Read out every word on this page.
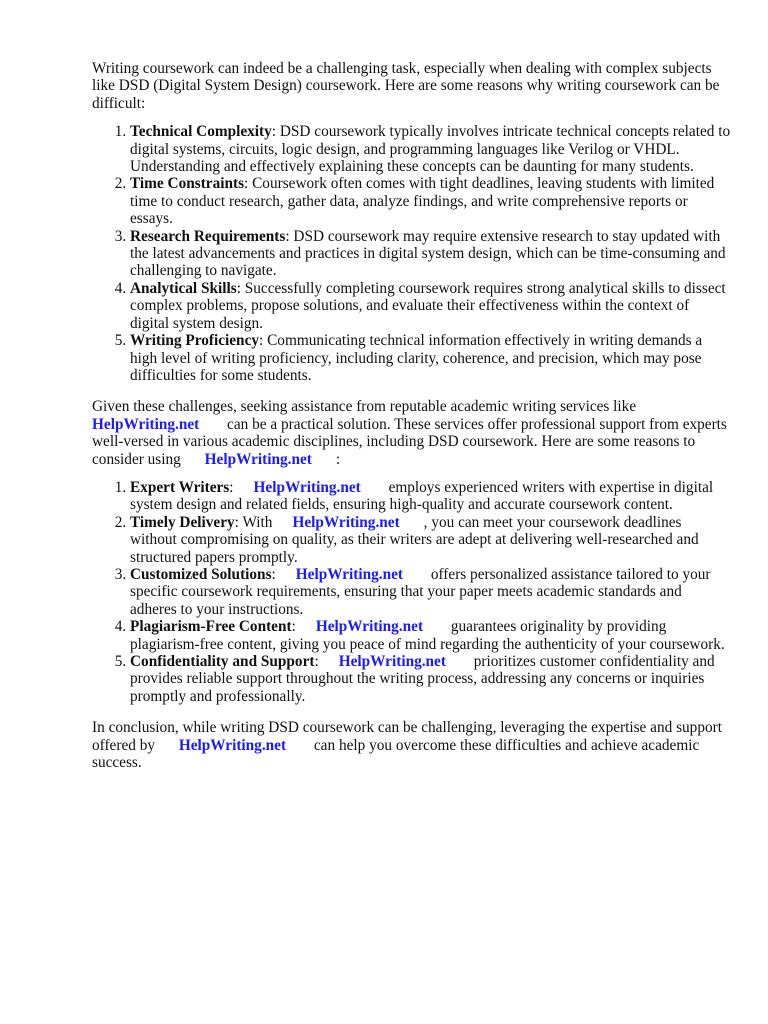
Writing coursework can indeed be a challenging task, especially when dealing with complex subjects like DSD (Digital System Design) coursework. Here are some reasons why writing coursework can be difficult:

1. Technical Complexity: DSD coursework typically involves intricate technical concepts related to digital systems, circuits, logic design, and programming languages like Verilog or VHDL. Understanding and effectively explaining these concepts can be daunting for many students.
2. Time Constraints: Coursework often comes with tight deadlines, leaving students with limited time to conduct research, gather data, analyze findings, and write comprehensive reports or essays.
3. Research Requirements: DSD coursework may require extensive research to stay updated with the latest advancements and practices in digital system design, which can be time-consuming and challenging to navigate.
4. Analytical Skills: Successfully completing coursework requires strong analytical skills to dissect complex problems, propose solutions, and evaluate their effectiveness within the context of digital system design.
5. Writing Proficiency: Communicating technical information effectively in writing demands a high level of writing proficiency, including clarity, coherence, and precision, which may pose difficulties for some students.

Given these challenges, seeking assistance from reputable academic writing services like
HelpWriting.net can be a practical solution. These services offer professional support from experts well-versed in various academic disciplines, including DSD coursework. Here are some reasons to consider using HelpWriting.net :

1. Expert Writers: HelpWriting.net employs experienced writers with expertise in digital system design and related fields, ensuring high-quality and accurate coursework content.
2. Timely Delivery: With HelpWriting.net , you can meet your coursework deadlines without compromising on quality, as their writers are adept at delivering well-researched and structured papers promptly.
3. Customized Solutions: HelpWriting.net offers personalized assistance tailored to your specific coursework requirements, ensuring that your paper meets academic standards and adheres to your instructions.
4. Plagiarism-Free Content: HelpWriting.net guarantees originality by providing plagiarism-free content, giving you peace of mind regarding the authenticity of your coursework.
5. Confidentiality and Support: HelpWriting.net prioritizes customer confidentiality and provides reliable support throughout the writing process, addressing any concerns or inquiries promptly and professionally.

In conclusion, while writing DSD coursework can be challenging, leveraging the expertise and support offered by HelpWriting.net can help you overcome these difficulties and achieve academic success.
